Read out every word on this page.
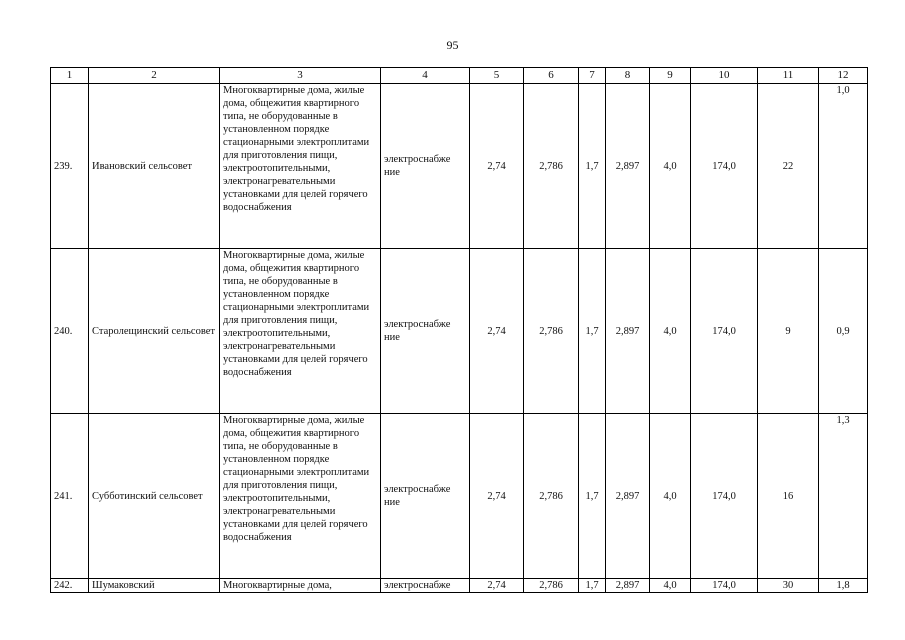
95
1	2	3	4	5	6	7	8	9	10	11	12
239.	Ивановский сельсовет	Многоквартирные дома, жилые дома, общежития квартирного типа, не оборудованные в установленном порядке стационарными электроплитами для приготовления пищи, электроотопительными, электронагревательными установками для целей горячего водоснабжения	электроснабже ние	2,74	2,786	1,7	2,897	4,0	174,0	22	1,0
240.	Старолещинский сельсовет	Многоквартирные дома, жилые дома, общежития квартирного типа, не оборудованные в установленном порядке стационарными электроплитами для приготовления пищи, электроотопительными, электронагревательными установками для целей горячего водоснабжения	электроснабже ние	2,74	2,786	1,7	2,897	4,0	174,0	9	0,9
241.	Субботинский сельсовет	Многоквартирные дома, жилые дома, общежития квартирного типа, не оборудованные в установленном порядке стационарными электроплитами для приготовления пищи, электроотопительными, электронагревательными установками для целей горячего водоснабжения	электроснабже ние	2,74	2,786	1,7	2,897	4,0	174,0	16	1,3
242.	Шумаковский	Многоквартирные дома,	электроснабже	2,74	2,786	1,7	2,897	4,0	174,0	30	1,8
